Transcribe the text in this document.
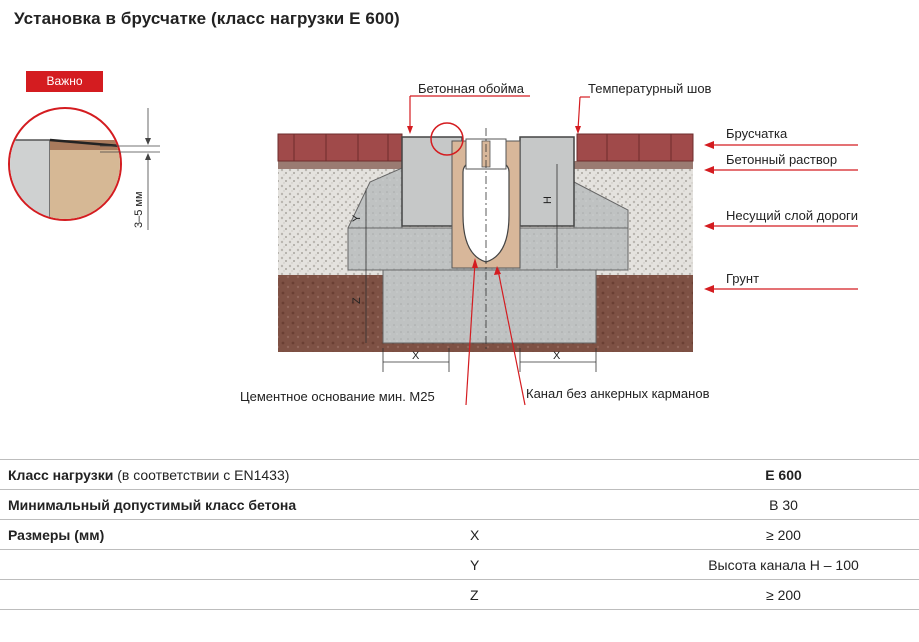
Установка в брусчатке (класс нагрузки E 600)
Важно
Y
Z
H
X	X
3–5 мм
Бетонная обойма	Температурный шов
Брусчатка
Бетонный раствор
Несущий слой дороги
Грунт
Цементное основание мин. М25	Канал без анкерных карманов
Класс нагрузки (в соответствии с EN1433)		E 600
Минимальный допустимый класс бетона		B 30
Размеры (мм)	X	≥ 200
	Y	Высота канала H – 100
	Z	≥ 200
